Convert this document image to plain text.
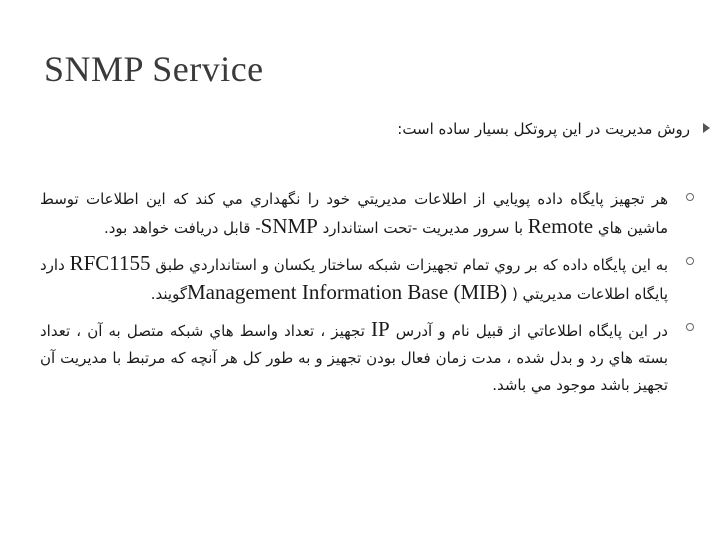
SNMP Service
روش مديريت در اين پروتكل بسيار ساده است:
هر تجهيز پايگاه داده پويايي از اطلاعات مديريتي خود را نگهداري مي كند كه اين اطلاعات توسط ماشين هاي Remote با سرور مديريت -تحت استاندارد SNMP- قابل دريافت خواهد بود.
به اين پايگاه داده كه بر روي تمام تجهيزات شبكه ساختار يكسان و استانداردي طبق RFC1155 دارد پايگاه اطلاعات مديريتي ( Management Information Base (MIB)گويند.
در اين پايگاه اطلاعاتي از قبيل نام و آدرس IP تجهيز ، تعداد واسط هاي شبكه متصل به آن ، تعداد بسته هاي رد و بدل شده ، مدت زمان فعال بودن تجهيز و به طور كل هر آنچه كه مرتبط با مديريت آن تجهيز باشد موجود مي باشد.
